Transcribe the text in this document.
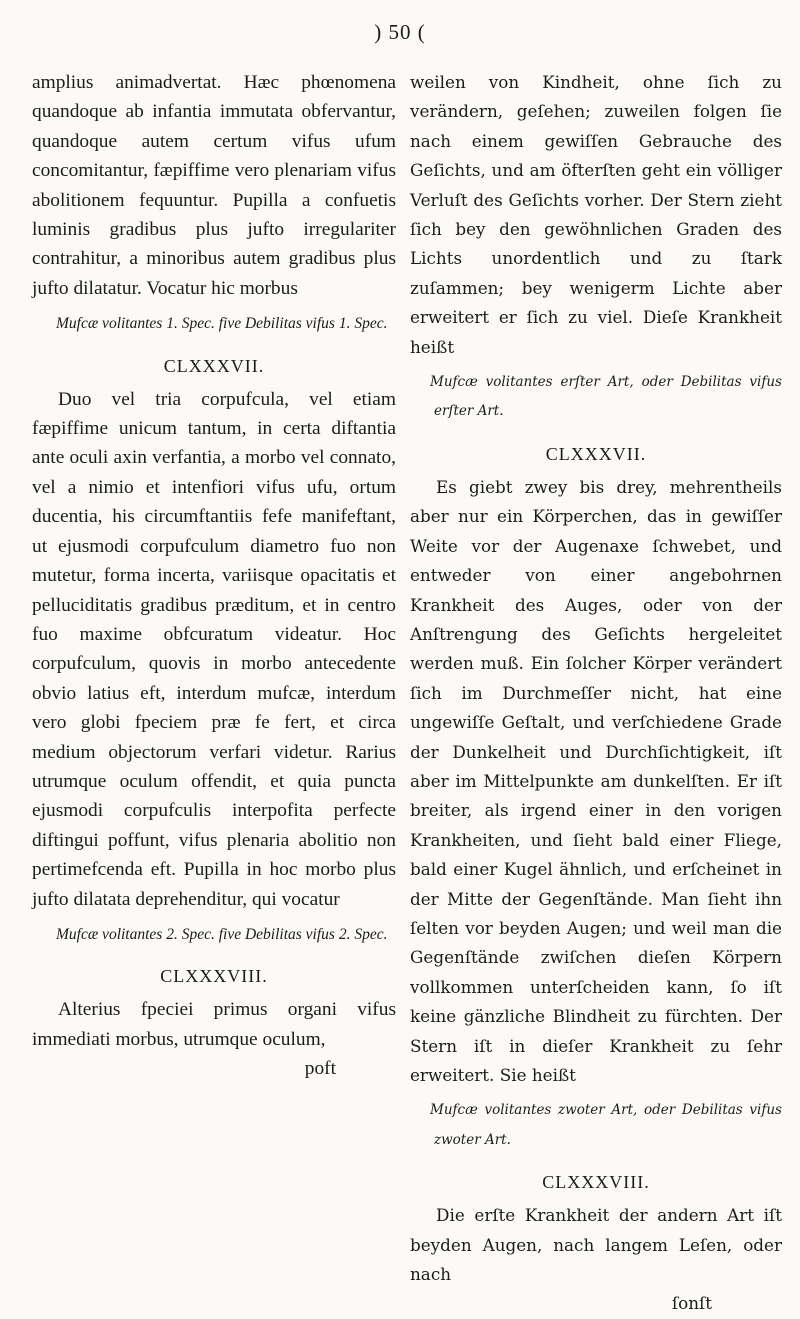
) 50 (

amplius animadvertat. Hæc phœnomena quandoque ab infantia immutata obfervantur, quandoque autem certum vifus ufum concomitantur, fæpiffime vero plenariam vifus abolitionem fequuntur. Pupilla a confuetis luminis gradibus plus jufto irregulariter contrahitur, a minoribus autem gradibus plus jufto dilatatur. Vocatur hic morbus

Mufcæ volitantes 1. Spec. five Debilitas vifus 1. Spec.

CLXXXVII.

Duo vel tria corpufcula, vel etiam fæpiffime unicum tantum, in certa diftantia ante oculi axin verfantia, a morbo vel connato, vel a nimio et intenfiori vifus ufu, ortum ducentia, his circumftantiis fefe manifeftant, ut ejusmodi corpufculum diametro fuo non mutetur, forma incerta, variisque opacitatis et pelluciditatis gradibus præditum, et in centro fuo maxime obfcuratum videatur. Hoc corpufculum, quovis in morbo antecedente obvio latius eft, interdum mufcæ, interdum vero globi fpeciem præ fe fert, et circa medium objectorum verfari videtur. Rarius utrumque oculum offendit, et quia puncta ejusmodi corpufculis interpofita perfecte diftingui poffunt, vifus plenaria abolitio non pertimefcenda eft. Pupilla in hoc morbo plus jufto dilatata deprehenditur, qui vocatur

Mufcæ volitantes 2. Spec. five Debilitas vifus 2. Spec.

CLXXXVIII.

Alterius fpeciei primus organi vifus immediati morbus, utrumque oculum,

poft

weilen von Kindheit, ohne ſich zu verändern, geſehen; zuweilen folgen ſie nach einem gewiſſen Gebrauche des Geſichts, und am öfterſten geht ein völliger Verluſt des Geſichts vorher. Der Stern zieht ſich bey den gewöhnlichen Graden des Lichts unordentlich und zu ſtark zuſammen; bey wenigerm Lichte aber erweitert er ſich zu viel. Dieſe Krankheit heißt

Mufcæ volitantes erſter Art, oder Debilitas vifus erſter Art.

CLXXXVII.

Es giebt zwey bis drey, mehrentheils aber nur ein Körperchen, das in gewiſſer Weite vor der Augenaxe ſchwebet, und entweder von einer angebohrnen Krankheit des Auges, oder von der Anſtrengung des Geſichts hergeleitet werden muß. Ein ſolcher Körper verändert ſich im Durchmeſſer nicht, hat eine ungewiſſe Geſtalt, und verſchiedene Grade der Dunkelheit und Durchſichtigkeit, iſt aber im Mittelpunkte am dunkelſten. Er iſt breiter, als irgend einer in den vorigen Krankheiten, und ſieht bald einer Fliege, bald einer Kugel ähnlich, und erſcheinet in der Mitte der Gegenſtände. Man ſieht ihn ſelten vor beyden Augen; und weil man die Gegenſtände zwiſchen dieſen Körpern vollkommen unterſcheiden kann, ſo iſt keine gänzliche Blindheit zu fürchten. Der Stern iſt in dieſer Krankheit zu ſehr erweitert. Sie heißt

Mufcæ volitantes zwoter Art, oder Debilitas vifus zwoter Art.

CLXXXVIII.

Die erſte Krankheit der andern Art iſt beyden Augen, nach langem Leſen, oder nach

ſonſt
